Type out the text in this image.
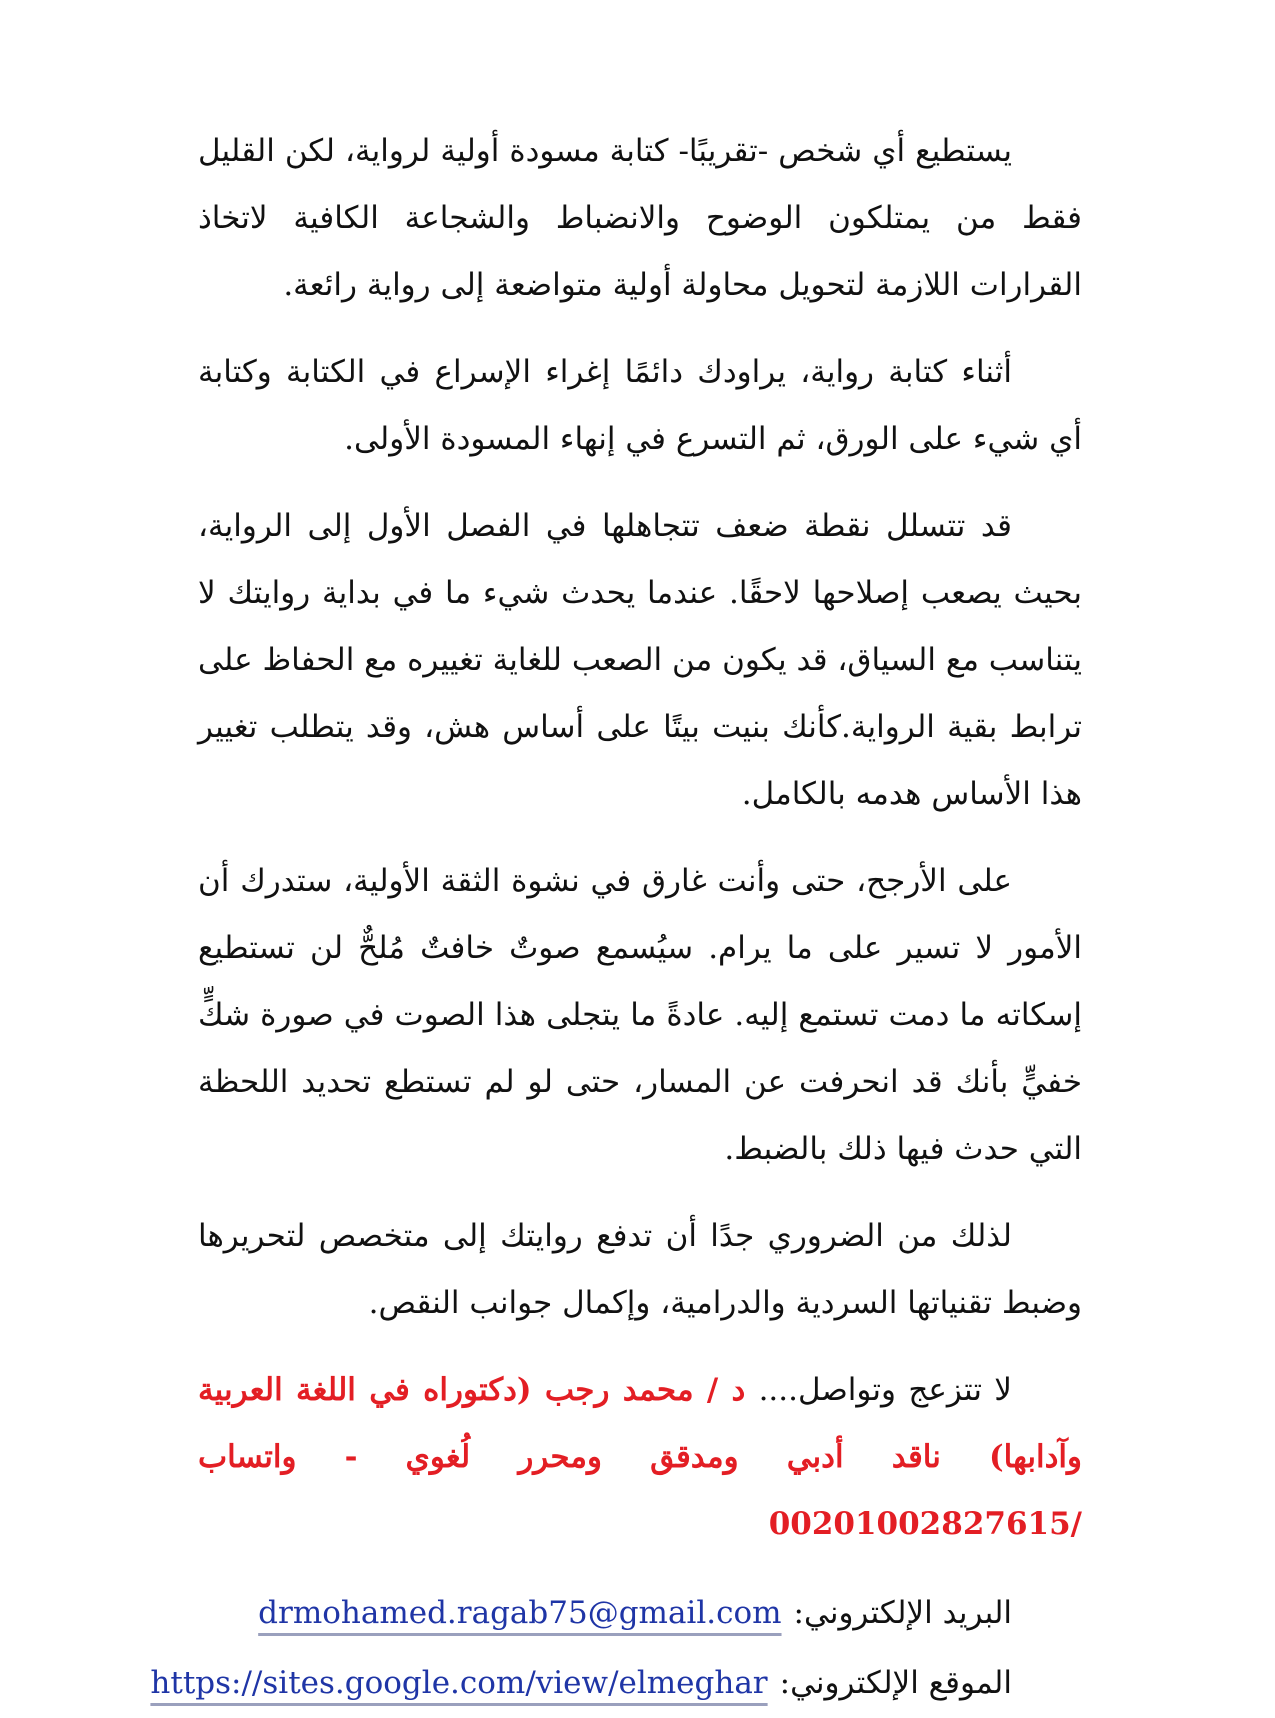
يستطيع أي شخص -تقريبًا- كتابة مسودة أولية لرواية، لكن القليل فقط من يمتلكون الوضوح والانضباط والشجاعة الكافية لاتخاذ القرارات اللازمة لتحويل محاولة أولية متواضعة إلى رواية رائعة.

أثناء كتابة رواية، يراودك دائمًا إغراء الإسراع في الكتابة وكتابة أي شيء على الورق، ثم التسرع في إنهاء المسودة الأولى.

قد تتسلل نقطة ضعف تتجاهلها في الفصل الأول إلى الرواية، بحيث يصعب إصلاحها لاحقًا. عندما يحدث شيء ما في بداية روايتك لا يتناسب مع السياق، قد يكون من الصعب للغاية تغييره مع الحفاظ على ترابط بقية الرواية.كأنك بنيت بيتًا على أساس هش، وقد يتطلب تغيير هذا الأساس هدمه بالكامل.

على الأرجح، حتى وأنت غارق في نشوة الثقة الأولية، ستدرك أن الأمور لا تسير على ما يرام. سيُسمع صوتٌ خافتٌ مُلحٌّ لن تستطيع إسكاته ما دمت تستمع إليه. عادةً ما يتجلى هذا الصوت في صورة شكٍّ خفيٍّ بأنك قد انحرفت عن المسار، حتى لو لم تستطع تحديد اللحظة التي حدث فيها ذلك بالضبط.

لذلك من الضروري جدًا أن تدفع روايتك إلى متخصص لتحريرها وضبط تقنياتها السردية والدرامية، وإكمال جوانب النقص.

لا تتزعج وتواصل.... د / محمد رجب (دكتوراه في اللغة العربية وآدابها) ناقد أدبي ومدقق ومحرر لُغوي - واتساب /00201002827615

البريد الإلكتروني:drmohamed.ragab75@gmail.com

الموقع الإلكتروني:https://sites.google.com/view/elmeghar
